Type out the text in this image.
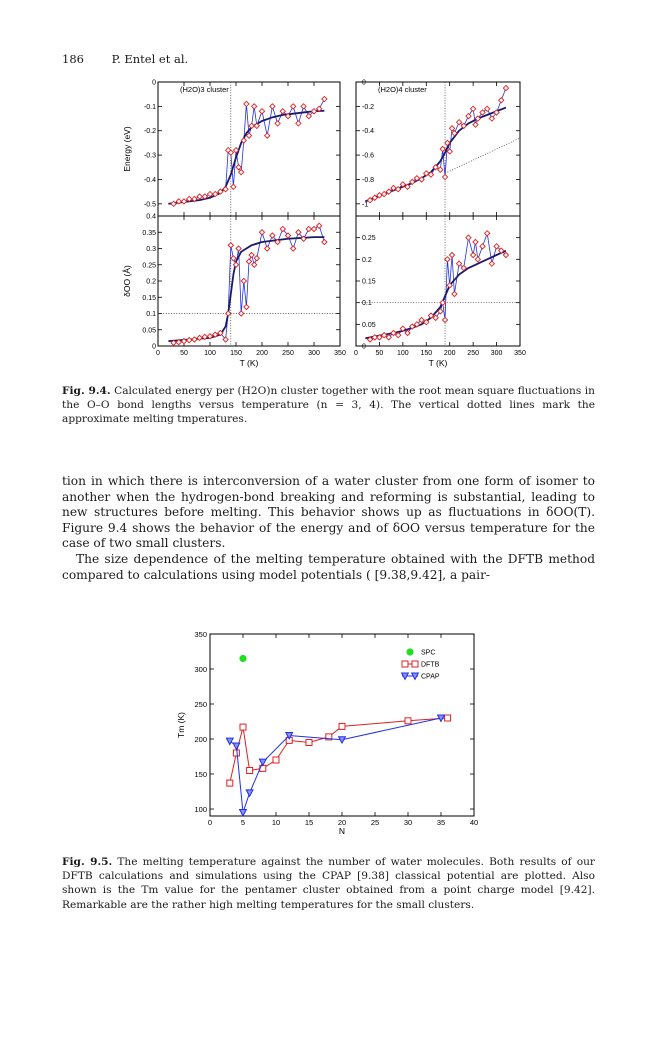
186 P. Entel et al.
-0.5
-0.4
-0.3
-0.2
-0.1
0
(H2O)3 cluster
Energy (eV)
-1
-0.8
-0.6
-0.4
-0.2
0
(H2O)4 cluster
0
0.05
0.1
0.15
0.2
0.25
0.3
0.35
0.4
0	50 100 150 200 250 300 350
δOO (Å)
0
0.05
0.1
0.15
0.2
0.25
0	50 100 150 200 250 300 350
T (K)	T (K)
Fig. 9.4. Calculated energy per (H2O)n cluster together with the root mean square fluctuations in the O–O bond lengths versus temperature (n = 3, 4). The vertical dotted lines mark the approximate melting tmperatures.

tion in which there is interconversion of a water cluster from one form of isomer to another when the hydrogen-bond breaking and reforming is substantial, leading to new structures before melting. This behavior shows up as fluctuations in δOO(T). Figure 9.4 shows the behavior of the energy and of δOO versus temperature for the case of two small clusters.

The size dependence of the melting temperature obtained with the DFTB method compared to calculations using model potentials ( [9.38,9.42], a pair-

100
150
200
250
300
350
0	5	10	15	20	25	30	35	40
N
Tm (K)
SPC
DFTB
CPAP
Fig. 9.5. The melting temperature against the number of water molecules. Both results of our DFTB calculations and simulations using the CPAP [9.38] classical potential are plotted. Also shown is the Tm value for the pentamer cluster obtained from a point charge model [9.42]. Remarkable are the rather high melting temperatures for the small clusters.
